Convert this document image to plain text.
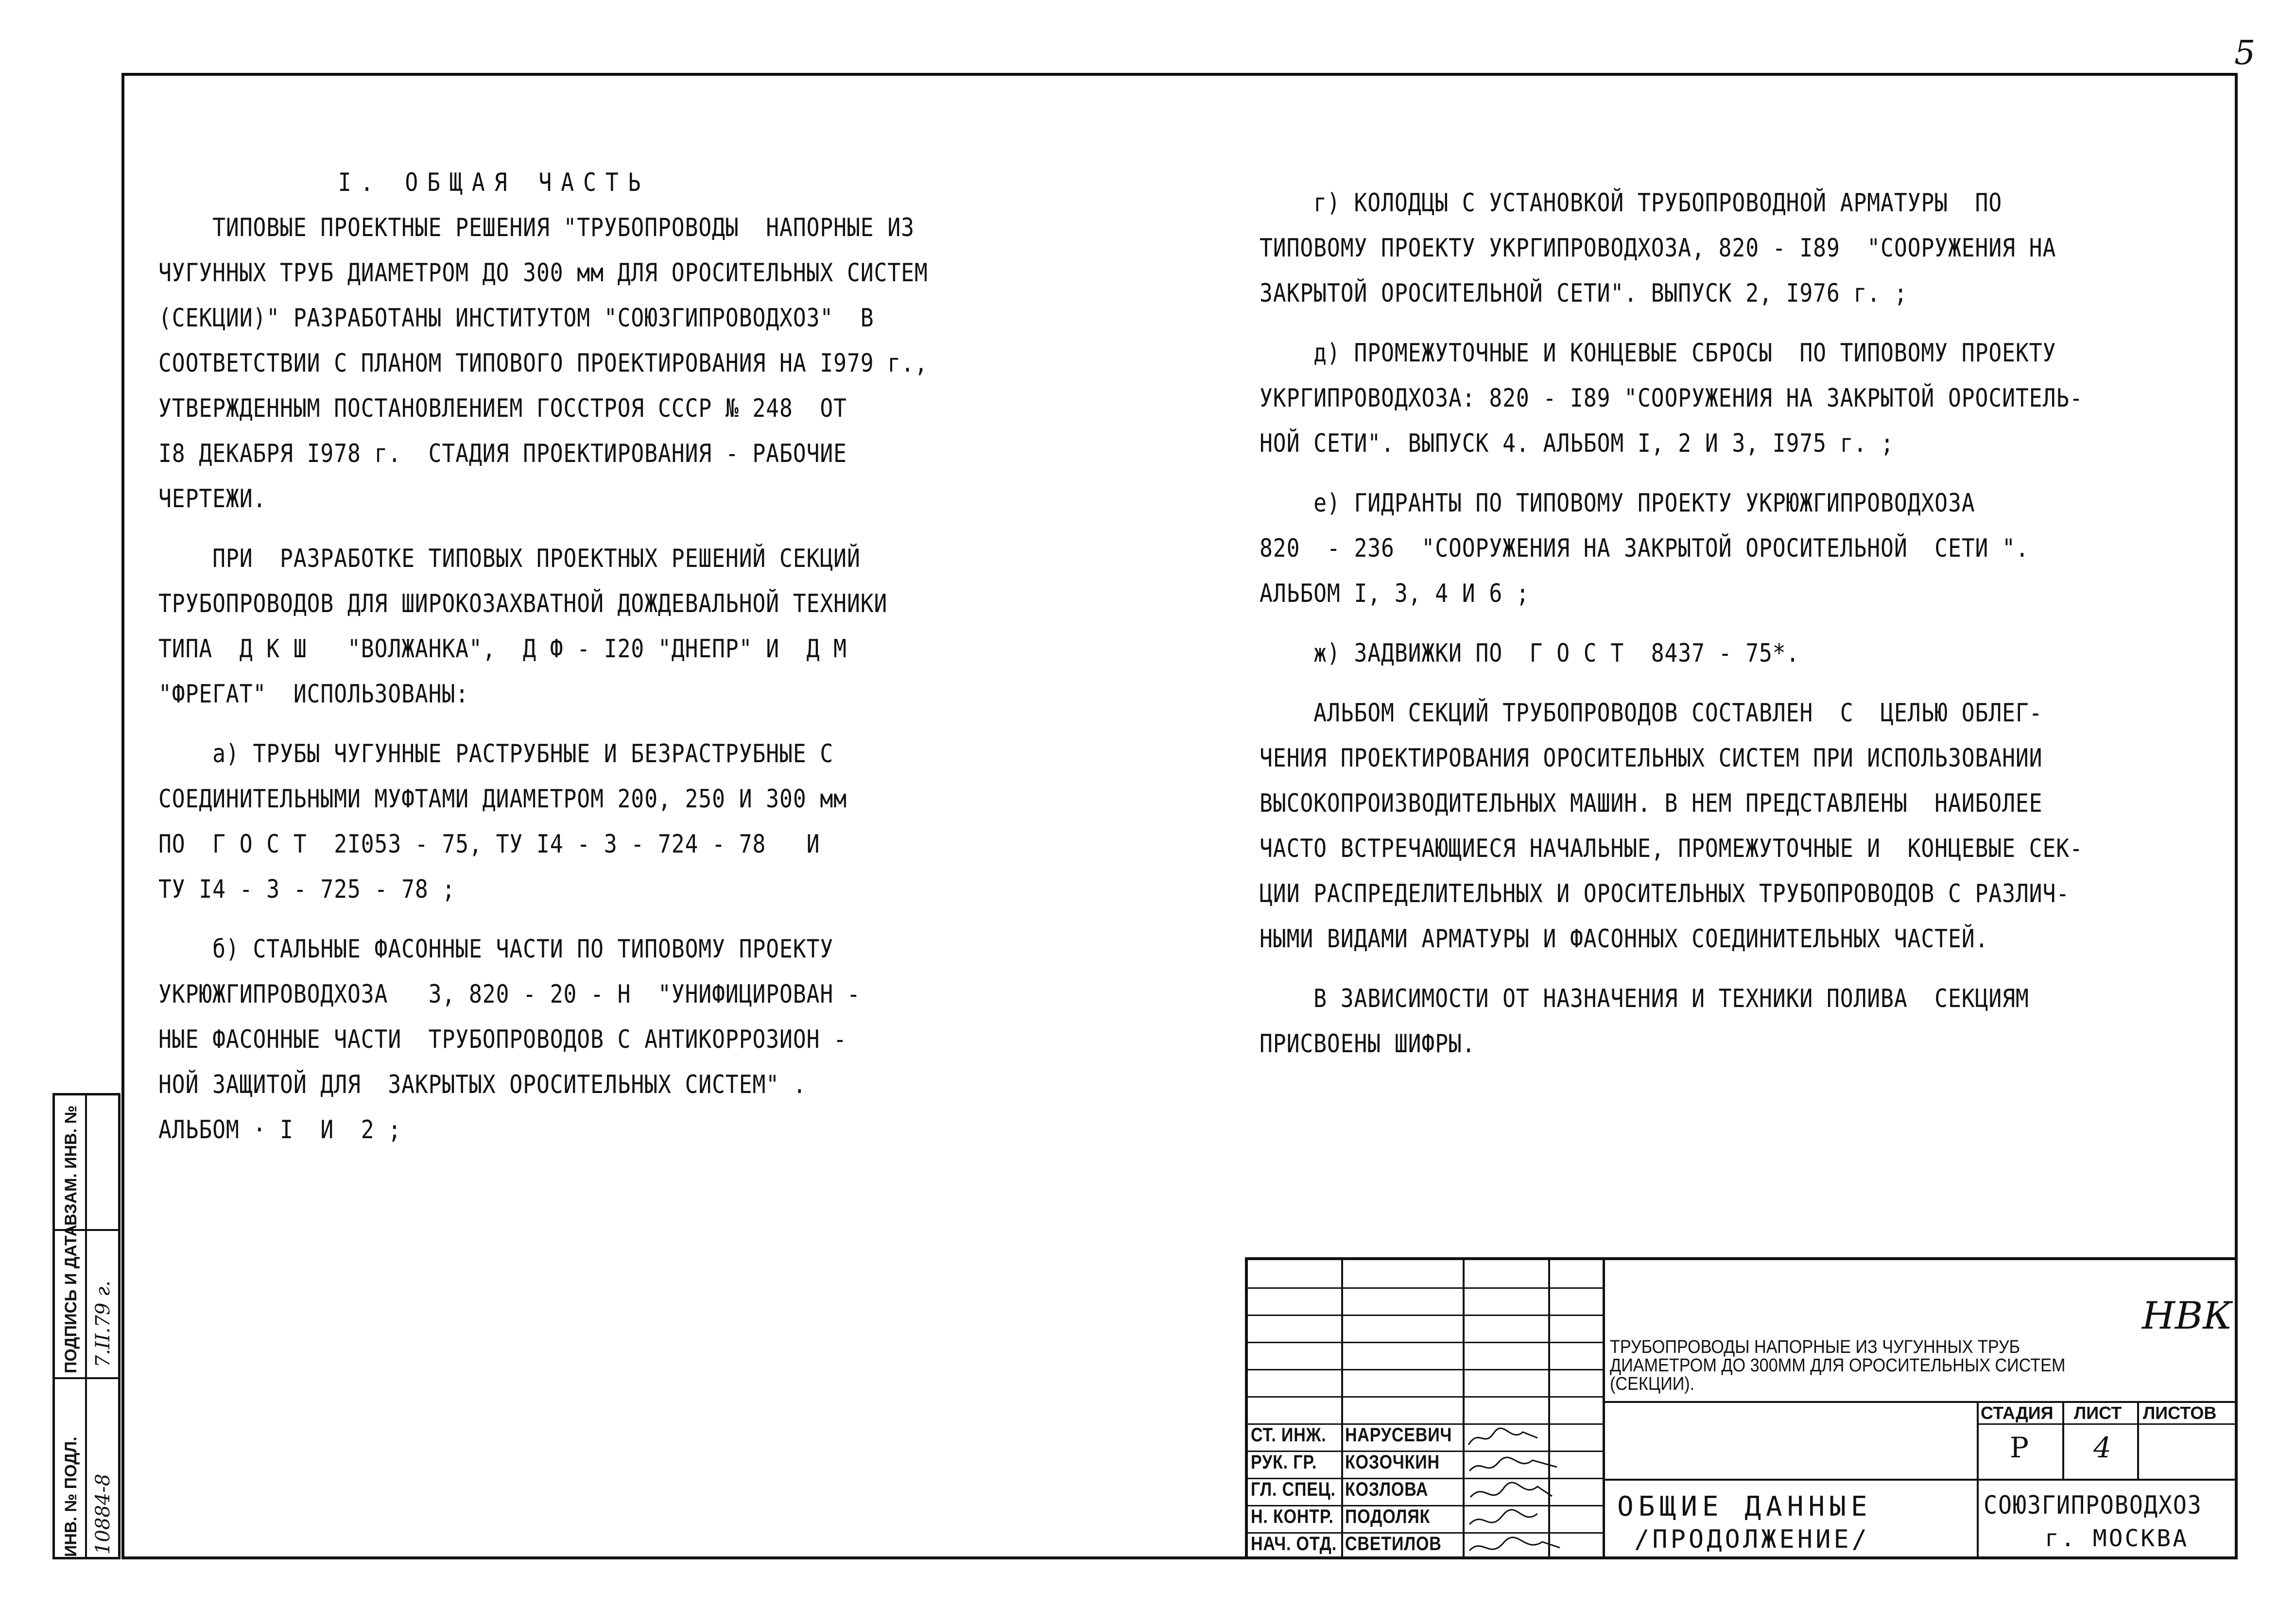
5

I. ОБЩАЯ ЧАСТЬ

ТИПОВЫЕ ПРОЕКТНЫЕ РЕШЕНИЯ "ТРУБОПРОВОДЫ  НАПОРНЫЕ ИЗ

ЧУГУННЫХ ТРУБ ДИАМЕТРОМ ДО 300 мм ДЛЯ ОРОСИТЕЛЬНЫХ СИСТЕМ

(СЕКЦИИ)" РАЗРАБОТАНЫ ИНСТИТУТОМ "СОЮЗГИПРОВОДХОЗ"  В

СООТВЕТСТВИИ С ПЛАНОМ ТИПОВОГО ПРОЕКТИРОВАНИЯ НА I979 г.,

УТВЕРЖДЕННЫМ ПОСТАНОВЛЕНИЕМ ГОССТРОЯ СССР № 248  ОТ

I8 ДЕКАБРЯ I978 г.  СТАДИЯ ПРОЕКТИРОВАНИЯ - РАБОЧИЕ

ЧЕРТЕЖИ.

ПРИ  РАЗРАБОТКЕ ТИПОВЫХ ПРОЕКТНЫХ РЕШЕНИЙ СЕКЦИЙ

ТРУБОПРОВОДОВ ДЛЯ ШИРОКОЗАХВАТНОЙ ДОЖДЕВАЛЬНОЙ ТЕХНИКИ

ТИПА  Д К Ш   "ВОЛЖАНКА",  Д Ф - I20 "ДНЕПР" И  Д М

"ФРЕГАТ"  ИСПОЛЬЗОВАНЫ:

а) ТРУБЫ ЧУГУННЫЕ РАСТРУБНЫЕ И БЕЗРАСТРУБНЫЕ С

СОЕДИНИТЕЛЬНЫМИ МУФТАМИ ДИАМЕТРОМ 200, 250 И 300 мм

ПО  Г О С Т  2I053 - 75, ТУ I4 - 3 - 724 - 78   И

ТУ I4 - 3 - 725 - 78 ;

б) СТАЛЬНЫЕ ФАСОННЫЕ ЧАСТИ ПО ТИПОВОМУ ПРОЕКТУ

УКРЮЖГИПРОВОДХОЗА   3, 820 - 20 - Н  "УНИФИЦИРОВАН -

НЫЕ ФАСОННЫЕ ЧАСТИ  ТРУБОПРОВОДОВ С АНТИКОРРОЗИОН -

НОЙ ЗАЩИТОЙ ДЛЯ  ЗАКРЫТЫХ ОРОСИТЕЛЬНЫХ СИСТЕМ" .

АЛЬБОМ · I  И  2 ;

г) КОЛОДЦЫ С УСТАНОВКОЙ ТРУБОПРОВОДНОЙ АРМАТУРЫ  ПО

ТИПОВОМУ ПРОЕКТУ УКРГИПРОВОДХОЗА, 820 - I89  "СООРУЖЕНИЯ НА

ЗАКРЫТОЙ ОРОСИТЕЛЬНОЙ СЕТИ". ВЫПУСК 2, I976 г. ;

д) ПРОМЕЖУТОЧНЫЕ И КОНЦЕВЫЕ СБРОСЫ  ПО ТИПОВОМУ ПРОЕКТУ

УКРГИПРОВОДХОЗА: 820 - I89 "СООРУЖЕНИЯ НА ЗАКРЫТОЙ ОРОСИТЕЛЬ-

НОЙ СЕТИ". ВЫПУСК 4. АЛЬБОМ I, 2 И 3, I975 г. ;

е) ГИДРАНТЫ ПО ТИПОВОМУ ПРОЕКТУ УКРЮЖГИПРОВОДХОЗА

820  - 236  "СООРУЖЕНИЯ НА ЗАКРЫТОЙ ОРОСИТЕЛЬНОЙ  СЕТИ ".

АЛЬБОМ I, 3, 4 И 6 ;

ж) ЗАДВИЖКИ ПО  Г О С Т  8437 - 75*.

АЛЬБОМ СЕКЦИЙ ТРУБОПРОВОДОВ СОСТАВЛЕН  С  ЦЕЛЬЮ ОБЛЕГ-

ЧЕНИЯ ПРОЕКТИРОВАНИЯ ОРОСИТЕЛЬНЫХ СИСТЕМ ПРИ ИСПОЛЬЗОВАНИИ

ВЫСОКОПРОИЗВОДИТЕЛЬНЫХ МАШИН. В НЕМ ПРЕДСТАВЛЕНЫ  НАИБОЛЕЕ

ЧАСТО ВСТРЕЧАЮЩИЕСЯ НАЧАЛЬНЫЕ, ПРОМЕЖУТОЧНЫЕ И  КОНЦЕВЫЕ СЕК-

ЦИИ РАСПРЕДЕЛИТЕЛЬНЫХ И ОРОСИТЕЛЬНЫХ ТРУБОПРОВОДОВ С РАЗЛИЧ-

НЫМИ ВИДАМИ АРМАТУРЫ И ФАСОННЫХ СОЕДИНИТЕЛЬНЫХ ЧАСТЕЙ.

В ЗАВИСИМОСТИ ОТ НАЗНАЧЕНИЯ И ТЕХНИКИ ПОЛИВА  СЕКЦИЯМ

ПРИСВОЕНЫ ШИФРЫ.

ВЗАМ. ИНВ. №
ПОДПИСЬ И ДАТА
ИНВ. № ПОДЛ.
7.II.79 г.
10884-8
НВК
ТРУБОПРОВОДЫ НАПОРНЫЕ ИЗ ЧУГУННЫХ ТРУБ
ДИАМЕТРОМ ДО 300ММ ДЛЯ ОРОСИТЕЛЬНЫХ СИСТЕМ
(СЕКЦИИ).
СТАДИЯ ЛИСТ ЛИСТОВ
Р 4
СТ. ИНЖ. НАРУСЕВИЧ
РУК. ГР. КОЗОЧКИН
ГЛ. СПЕЦ. КОЗЛОВА
Н. КОНТР. ПОДОЛЯК
НАЧ. ОТД. СВЕТИЛОВ
ОБЩИЕ ДАННЫЕ
/ПРОДОЛЖЕНИЕ/
СОЮЗГИПРОВОДХОЗ
г. МОСКВА
